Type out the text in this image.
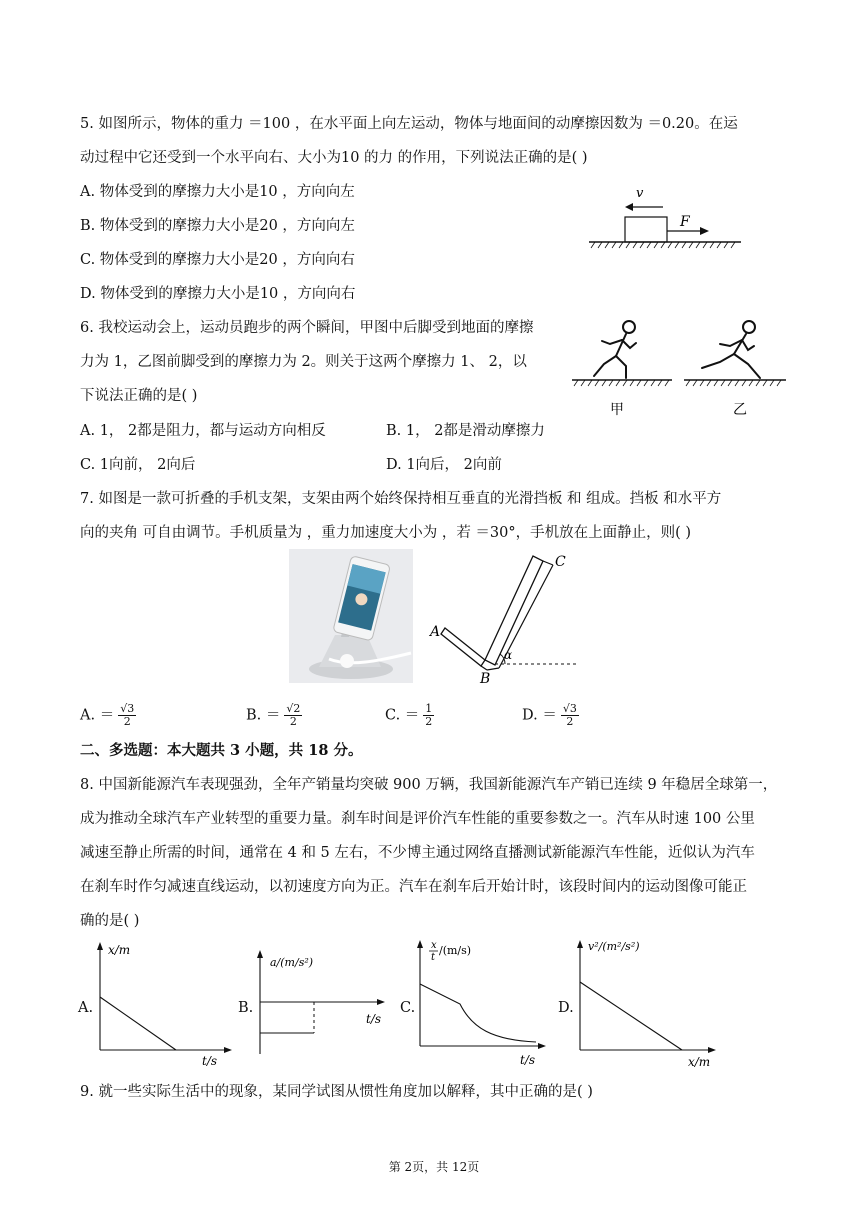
5. 如图所示，物体的重力 ＝100 ，在水平面上向左运动，物体与地面间的动摩擦因数为 ＝0.20。在运
动过程中它还受到一个水平向右、大小为10 的力 的作用，下列说法正确的是( )
A. 物体受到的摩擦力大小是10 ，方向向左
B. 物体受到的摩擦力大小是20 ，方向向左
C. 物体受到的摩擦力大小是20 ，方向向右
D. 物体受到的摩擦力大小是10 ，方向向右
v
F
6. 我校运动会上，运动员跑步的两个瞬间，甲图中后脚受到地面的摩擦
力为 1，乙图前脚受到的摩擦力为 2。则关于这两个摩擦力 1、 2，以
下说法正确的是( )
A. 1， 2都是阻力，都与运动方向相反	B. 1， 2都是滑动摩擦力
C. 1向前， 2向后	D. 1向后， 2向前
甲	乙
7. 如图是一款可折叠的手机支架，支架由两个始终保持相互垂直的光滑挡板 和 组成。挡板 和水平方
向的夹角 可自由调节。手机质量为 ，重力加速度大小为 ，若 ＝30°，手机放在上面静止，则( )
α
A
B
C
A. ＝ $\frac{√3}{2}$	B. ＝ $\frac{√2}{2}$	C. ＝ $\frac{1}{2}$	D. ＝ $\frac{√3}{2}$
二、多选题：本大题共 3 小题，共 18 分。
8. 中国新能源汽车表现强劲，全年产销量均突破 900 万辆，我国新能源汽车产销已连续 9 年稳居全球第一，
成为推动全球汽车产业转型的重要力量。刹车时间是评价汽车性能的重要参数之一。汽车从时速 100 公里
减速至静止所需的时间，通常在 4 和 5 左右，不少博主通过网络直播测试新能源汽车性能，近似认为汽车
在刹车时作匀减速直线运动，以初速度方向为正。汽车在刹车后开始计时，该段时间内的运动图像可能正
确的是( )
A.
x/m
t/s
B.
a/(m/s²)
t/s
C.
x
t
/(m/s)
t/s
D.
v²/(m²/s²)
x/m
9. 就一些实际生活中的现象，某同学试图从惯性角度加以解释，其中正确的是( )
第 2页，共 12页
